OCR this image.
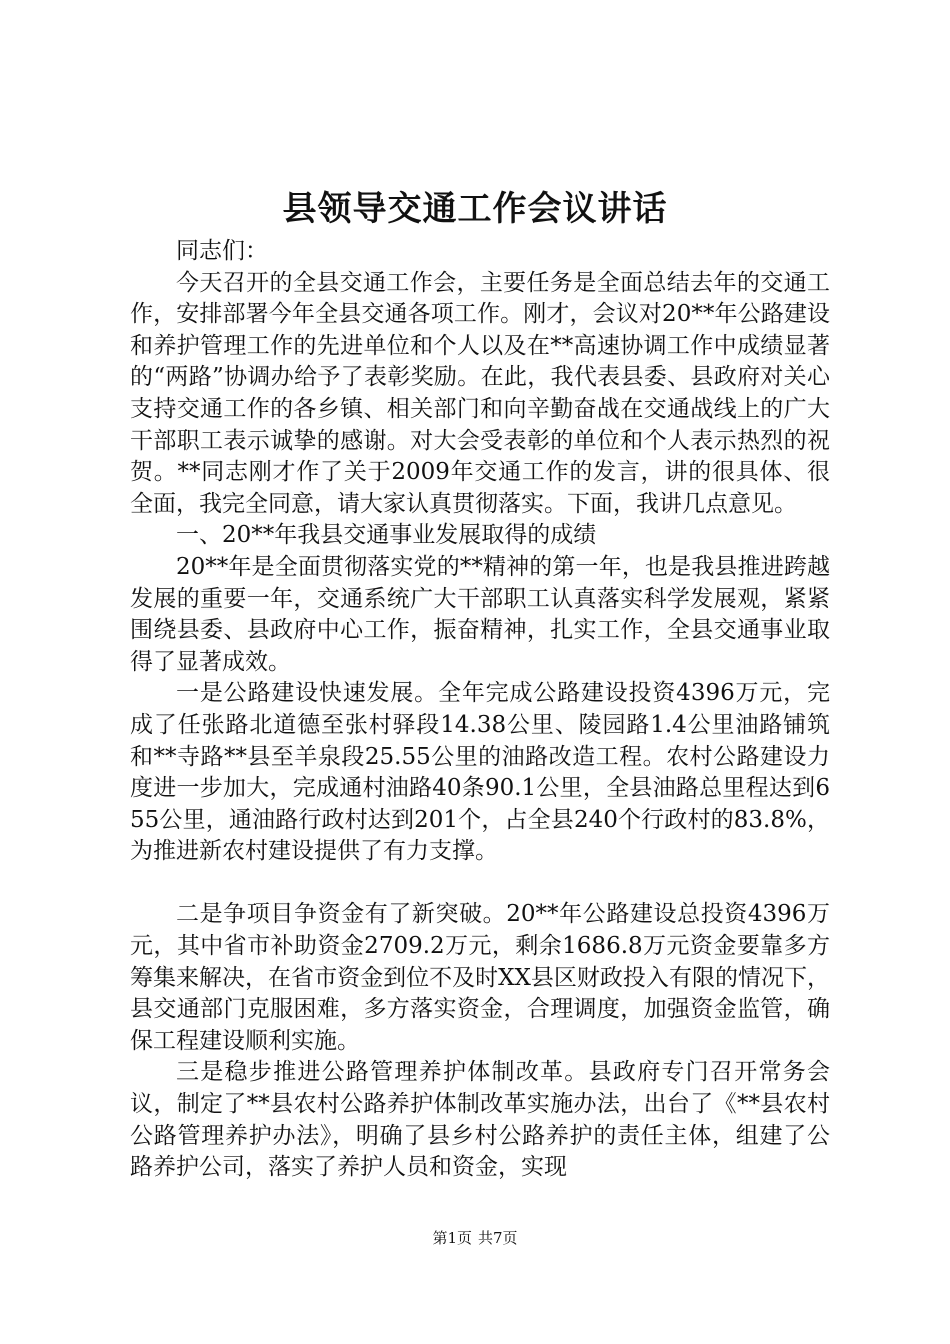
县领导交通工作会议讲话

同志们：

今天召开的全县交通工作会，主要任务是全面总结去年的交通工作，安排部署今年全县交通各项工作。刚才，会议对20**年公路建设和养护管理工作的先进单位和个人以及在**高速协调工作中成绩显著的“两路”协调办给予了表彰奖励。在此，我代表县委、县政府对关心支持交通工作的各乡镇、相关部门和向辛勤奋战在交通战线上的广大干部职工表示诚挚的感谢。对大会受表彰的单位和个人表示热烈的祝贺。**同志刚才作了关于2009年交通工作的发言，讲的很具体、很全面，我完全同意，请大家认真贯彻落实。下面，我讲几点意见。

一、20**年我县交通事业发展取得的成绩

20**年是全面贯彻落实党的**精神的第一年，也是我县推进跨越发展的重要一年，交通系统广大干部职工认真落实科学发展观，紧紧围绕县委、县政府中心工作，振奋精神，扎实工作，全县交通事业取得了显著成效。

一是公路建设快速发展。全年完成公路建设投资4396万元，完成了任张路北道德至张村驿段14.38公里、陵园路1.4公里油路铺筑和**寺路**县至羊泉段25.55公里的油路改造工程。农村公路建设力度进一步加大，完成通村油路40条90.1公里，全县油路总里程达到655公里，通油路行政村达到201个，占全县240个行政村的83.8%，为推进新农村建设提供了有力支撑。

二是争项目争资金有了新突破。20**年公路建设总投资4396万元，其中省市补助资金2709.2万元，剩余1686.8万元资金要靠多方筹集来解决，在省市资金到位不及时XX县区财政投入有限的情况下，县交通部门克服困难，多方落实资金，合理调度，加强资金监管，确保工程建设顺利实施。

三是稳步推进公路管理养护体制改革。县政府专门召开常务会议，制定了**县农村公路养护体制改革实施办法，出台了《**县农村公路管理养护办法》，明确了县乡村公路养护的责任主体，组建了公路养护公司，落实了养护人员和资金，实现

第1页 共7页
